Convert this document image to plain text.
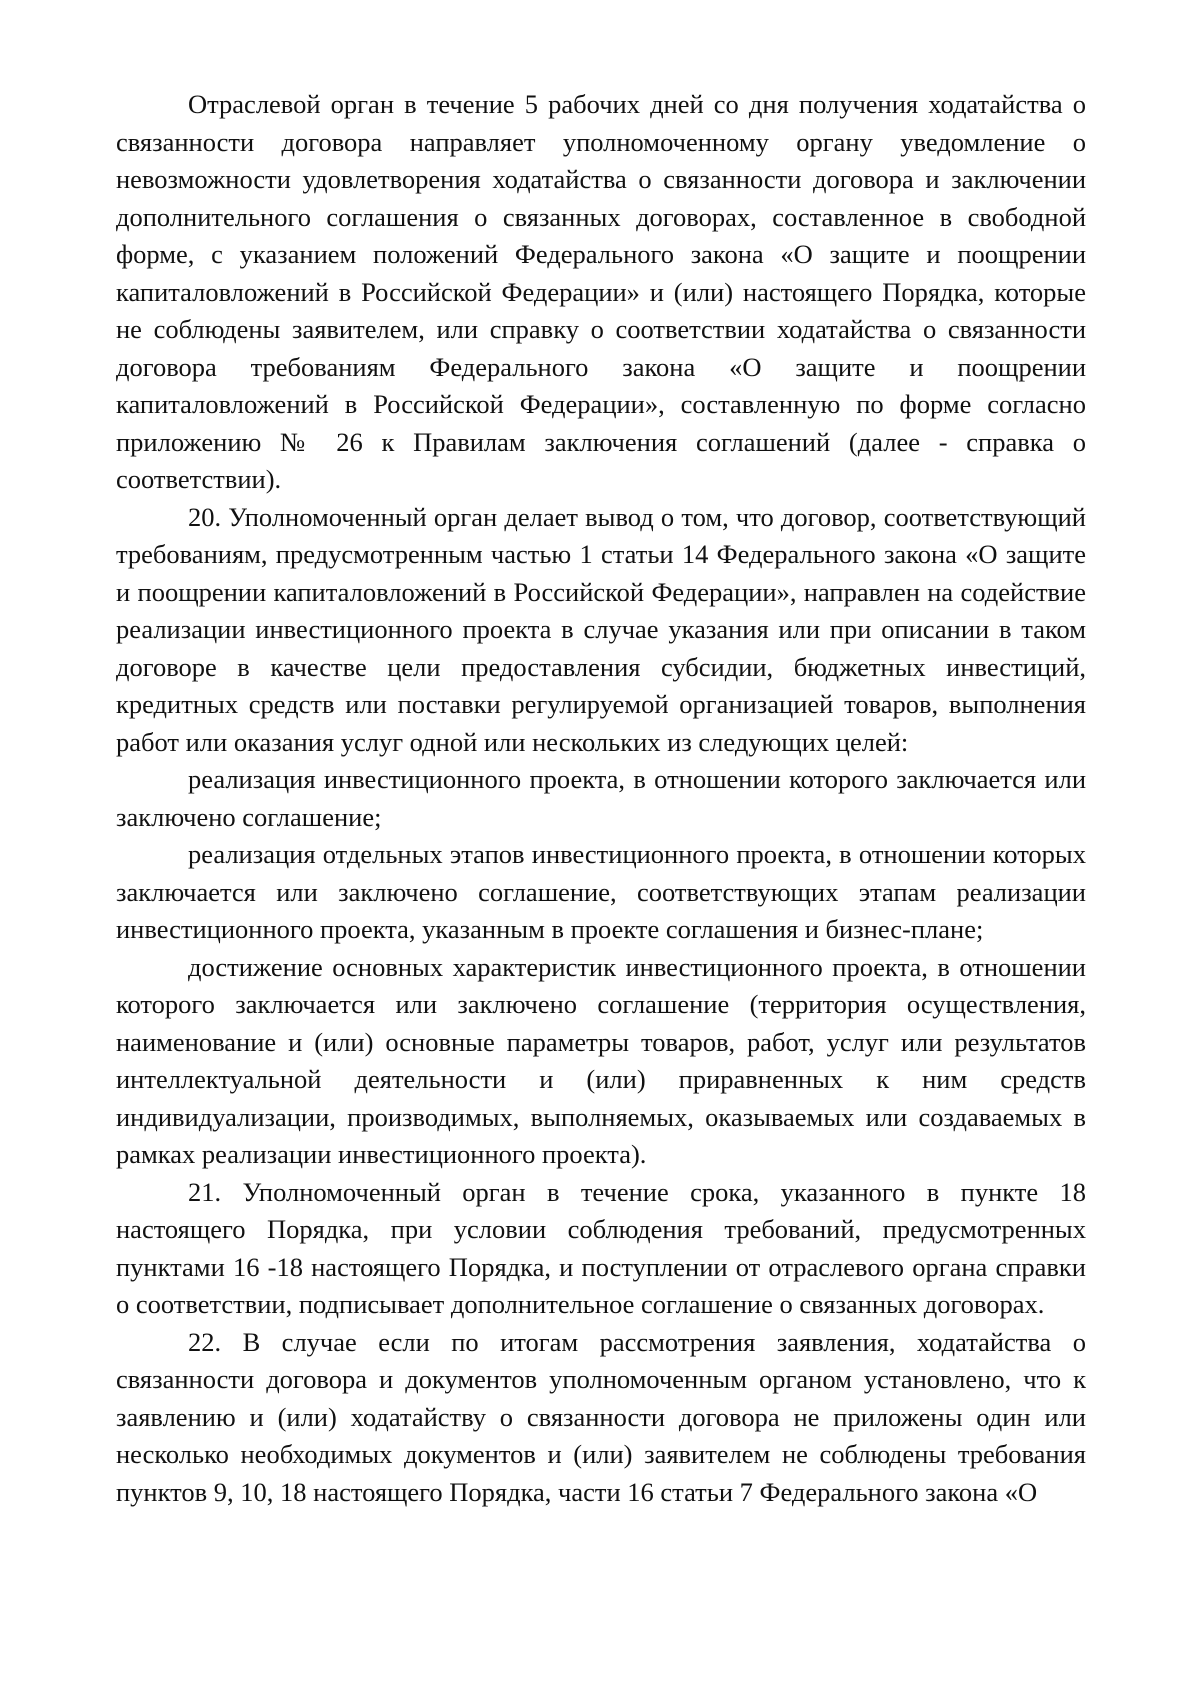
Отраслевой орган в течение 5 рабочих дней со дня получения ходатайства о связанности договора направляет уполномоченному органу уведомление о невозможности удовлетворения ходатайства о связанности договора и заключении дополнительного соглашения о связанных договорах, составленное в свободной форме, с указанием положений Федерального закона «О защите и поощрении капиталовложений в Российской Федерации» и (или) настоящего Порядка, которые не соблюдены заявителем, или справку о соответствии ходатайства о связанности договора требованиям Федерального закона «О защите и поощрении капиталовложений в Российской Федерации», составленную по форме согласно приложению № 26 к Правилам заключения соглашений (далее - справка о соответствии).

20. Уполномоченный орган делает вывод о том, что договор, соответствующий требованиям, предусмотренным частью 1 статьи 14 Федерального закона «О защите и поощрении капиталовложений в Российской Федерации», направлен на содействие реализации инвестиционного проекта в случае указания или при описании в таком договоре в качестве цели предоставления субсидии, бюджетных инвестиций, кредитных средств или поставки регулируемой организацией товаров, выполнения работ или оказания услуг одной или нескольких из следующих целей:

реализация инвестиционного проекта, в отношении которого заключается или заключено соглашение;

реализация отдельных этапов инвестиционного проекта, в отношении которых заключается или заключено соглашение, соответствующих этапам реализации инвестиционного проекта, указанным в проекте соглашения и бизнес-плане;

достижение основных характеристик инвестиционного проекта, в отношении которого заключается или заключено соглашение (территория осуществления, наименование и (или) основные параметры товаров, работ, услуг или результатов интеллектуальной деятельности и (или) приравненных к ним средств индивидуализации, производимых, выполняемых, оказываемых или создаваемых в рамках реализации инвестиционного проекта).

21. Уполномоченный орган в течение срока, указанного в пункте 18 настоящего Порядка, при условии соблюдения требований, предусмотренных пунктами 16 -18 настоящего Порядка, и поступлении от отраслевого органа справки о соответствии, подписывает дополнительное соглашение о связанных договорах.

22. В случае если по итогам рассмотрения заявления, ходатайства о связанности договора и документов уполномоченным органом установлено, что к заявлению и (или) ходатайству о связанности договора не приложены один или несколько необходимых документов и (или) заявителем не соблюдены требования пунктов 9, 10, 18 настоящего Порядка, части 16 статьи 7 Федерального закона «О
